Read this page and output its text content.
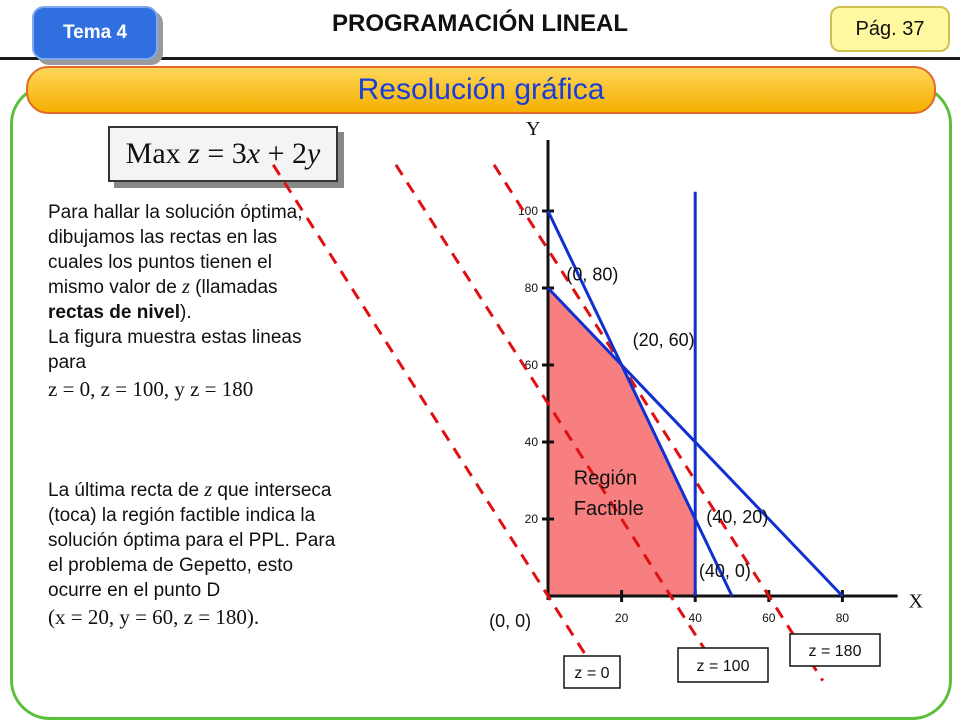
Tema 4	PROGRAMACIÓN LINEAL	Pág. 37
Resolución gráfica
Max z = 3 x + 2 y
Para hallar la solución óptima,
dibujamos las rectas en las
cuales los puntos tienen el
mismo valor de z (llamadas
rectas de nivel).
La figura muestra estas lineas
para
z = 0, z = 100, y z = 180
La última recta de z que interseca
(toca) la región factible indica la
solución óptima para el PPL. Para
el problema de Gepetto, esto
ocurre en el punto D
(x = 20, y = 60, z = 180).
Y
X
20	40	60	80
20
40
60
80
100
Región
Factible
(0, 80)
(20, 60)
(40, 20)
(40, 0)
(0, 0)
z = 0	z = 100
z = 180
